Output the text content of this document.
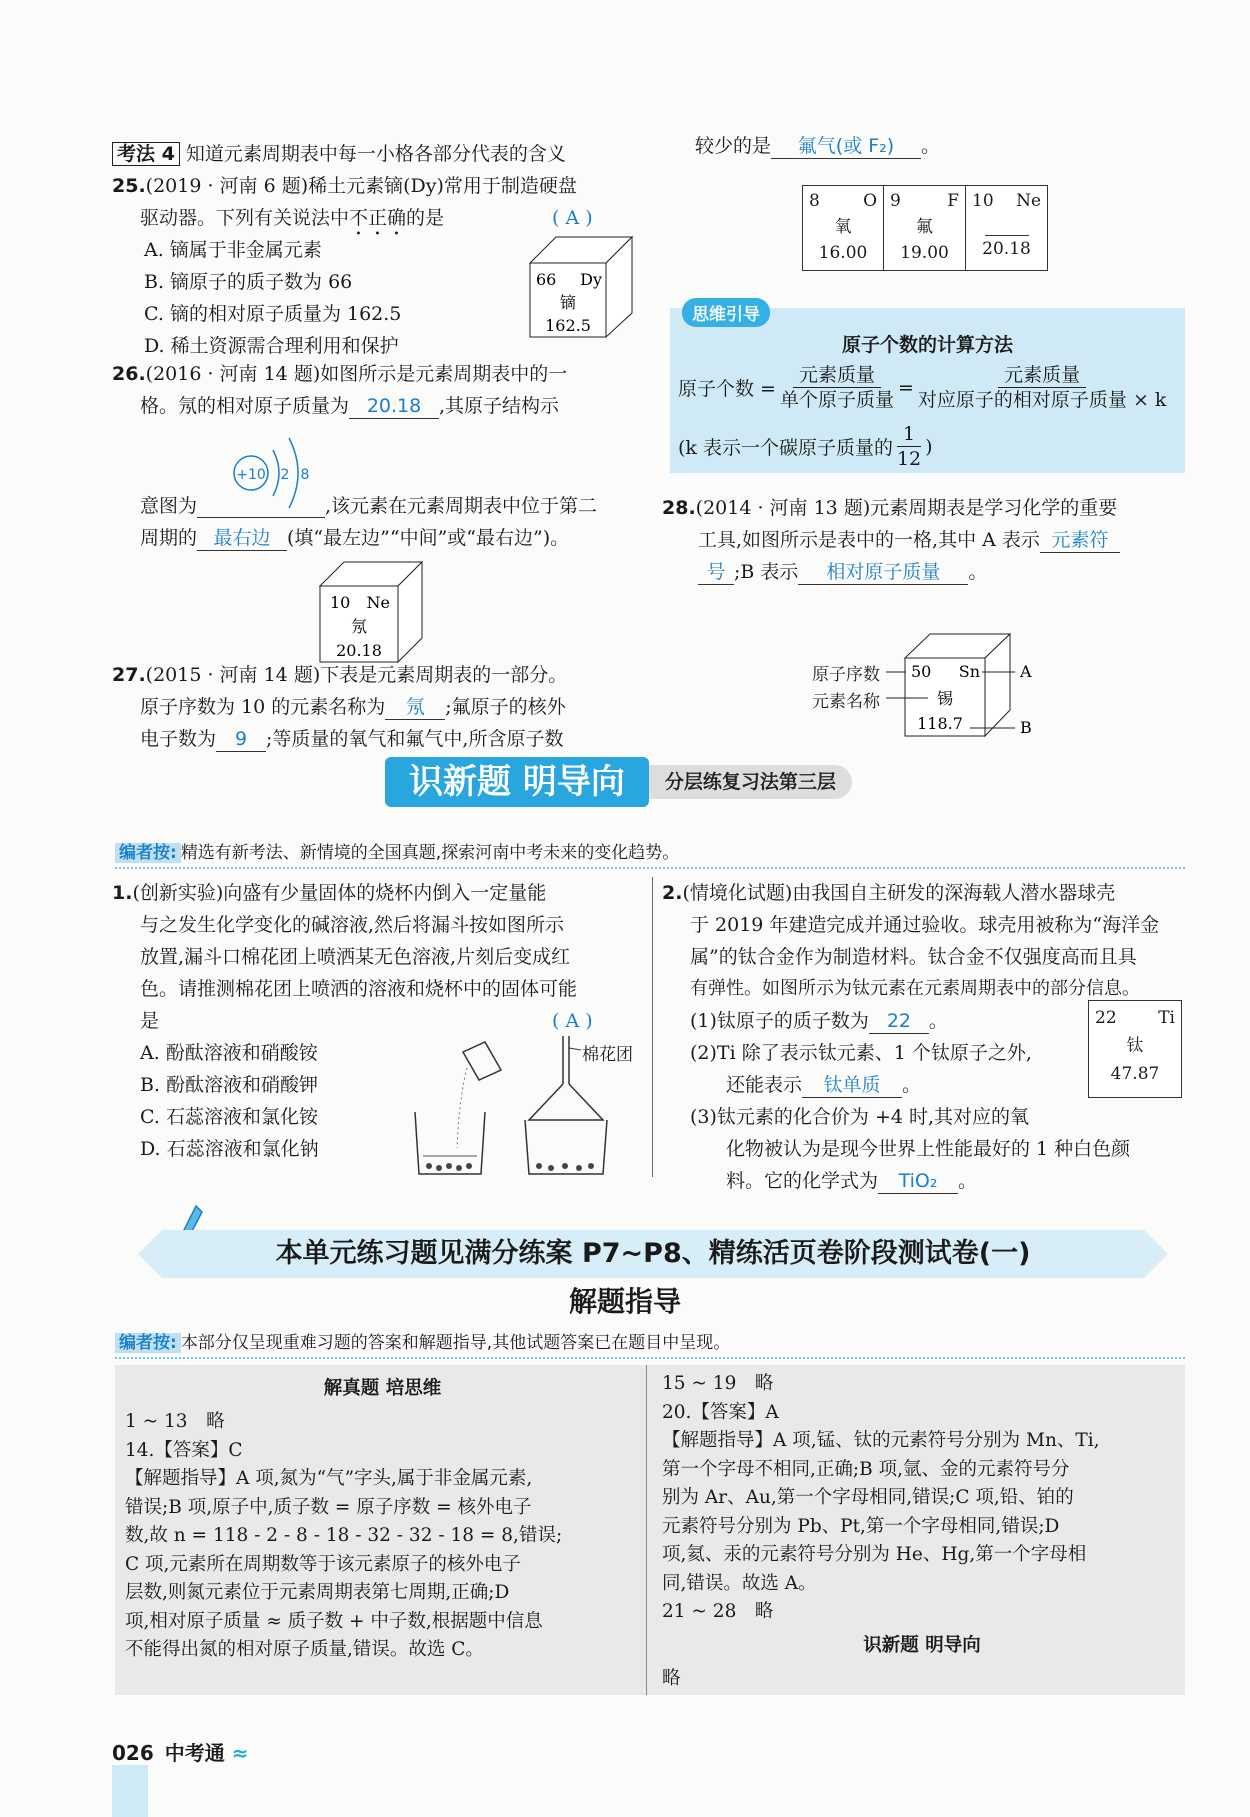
考法 4 知道元素周期表中每一小格各部分代表的含义
25.(2019 · 河南 6 题)稀土元素镝(Dy)常用于制造硬盘
驱动器。下列有关说法中不正确的是	( A )
A. 镝属于非金属元素
B. 镝原子的质子数为 66
C. 镝的相对原子质量为 162.5
D. 稀土资源需合理利用和保护
66 Dy
镝
162.5
26.(2016 · 河南 14 题)如图所示是元素周期表中的一
格。氖的相对原子质量为 20.18 ,其原子结构示
+10 2 8
意图为	,该元素在元素周期表中位于第二
周期的 最右边 (填“最左边”“中间”或“最右边”)。
10 Ne
氖
20.18
27.(2015 · 河南 14 题)下表是元素周期表的一部分。
原子序数为 10 的元素名称为 氖 ;氟原子的核外
电子数为 9 ;等质量的氧气和氟气中,所含原子数
较少的是 氟气(或 F₂) 。
8	O
氧
16.00
9	F
氟
19.00
10 Ne
20.18
思维引导
原子个数的计算方法
原子个数 = $\frac{\text{元素质量}}{\text{单个原子质量}} = \frac{\text{元素质量}}{\text{对应原子的相对原子质量 × k}}$
(k 表示一个碳原子质量的 $\frac{1}{12}$ )
28.(2014 · 河南 13 题)元素周期表是学习化学的重要
工具,如图所示是表中的一格,其中 A 表示 元素符
号 ;B 表示 相对原子质量 。
50 Sn
锡
118.7
A
B
原子序数
元素名称
识新题 明导向	分层练复习法第三层
编者按: 精选有新考法、新情境的全国真题,探索河南中考未来的变化趋势。
1.(创新实验)向盛有少量固体的烧杯内倒入一定量能
与之发生化学变化的碱溶液,然后将漏斗按如图所示
放置,漏斗口棉花团上喷洒某无色溶液,片刻后变成红
色。请推测棉花团上喷洒的溶液和烧杯中的固体可能
是	( A )
A. 酚酞溶液和硝酸铵
B. 酚酞溶液和硝酸钾
C. 石蕊溶液和氯化铵
D. 石蕊溶液和氯化钠
棉花团
2.(情境化试题)由我国自主研发的深海载人潜水器球壳
于 2019 年建造完成并通过验收。球壳用被称为“海洋金
属”的钛合金作为制造材料。钛合金不仅强度高而且具
有弹性。如图所示为钛元素在元素周期表中的部分信息。
(1)钛原子的质子数为 22 。
(2)Ti 除了表示钛元素、1 个钛原子之外,
还能表示 钛单质 。
(3)钛元素的化合价为 +4 时,其对应的氧
化物被认为是现今世界上性能最好的 1 种白色颜
料。它的化学式为 TiO₂ 。
22 Ti
钛
47.87
本单元练习题见满分练案 P7~P8、精练活页卷阶段测试卷(一)
解题指导
编者按: 本部分仅呈现重难习题的答案和解题指导,其他试题答案已在题目中呈现。
解真题 培思维
1 ~ 13　略
14.【答案】C
【解题指导】A 项,氮为“气”字头,属于非金属元素,
错误;B 项,原子中,质子数 = 原子序数 = 核外电子
数,故 n = 118 - 2 - 8 - 18 - 32 - 32 - 18 = 8,错误;
C 项,元素所在周期数等于该元素原子的核外电子
层数,则氮元素位于元素周期表第七周期,正确;D
项,相对原子质量 ≈ 质子数 + 中子数,根据题中信息
不能得出氮的相对原子质量,错误。故选 C。
15 ~ 19　略
20.【答案】A
【解题指导】A 项,锰、钛的元素符号分别为 Mn、Ti,
第一个字母不相同,正确;B 项,氩、金的元素符号分
别为 Ar、Au,第一个字母相同,错误;C 项,铅、铂的
元素符号分别为 Pb、Pt,第一个字母相同,错误;D
项,氦、汞的元素符号分别为 He、Hg,第一个字母相
同,错误。故选 A。
21 ~ 28　略
识新题 明导向
略
026 中考通 ≈
